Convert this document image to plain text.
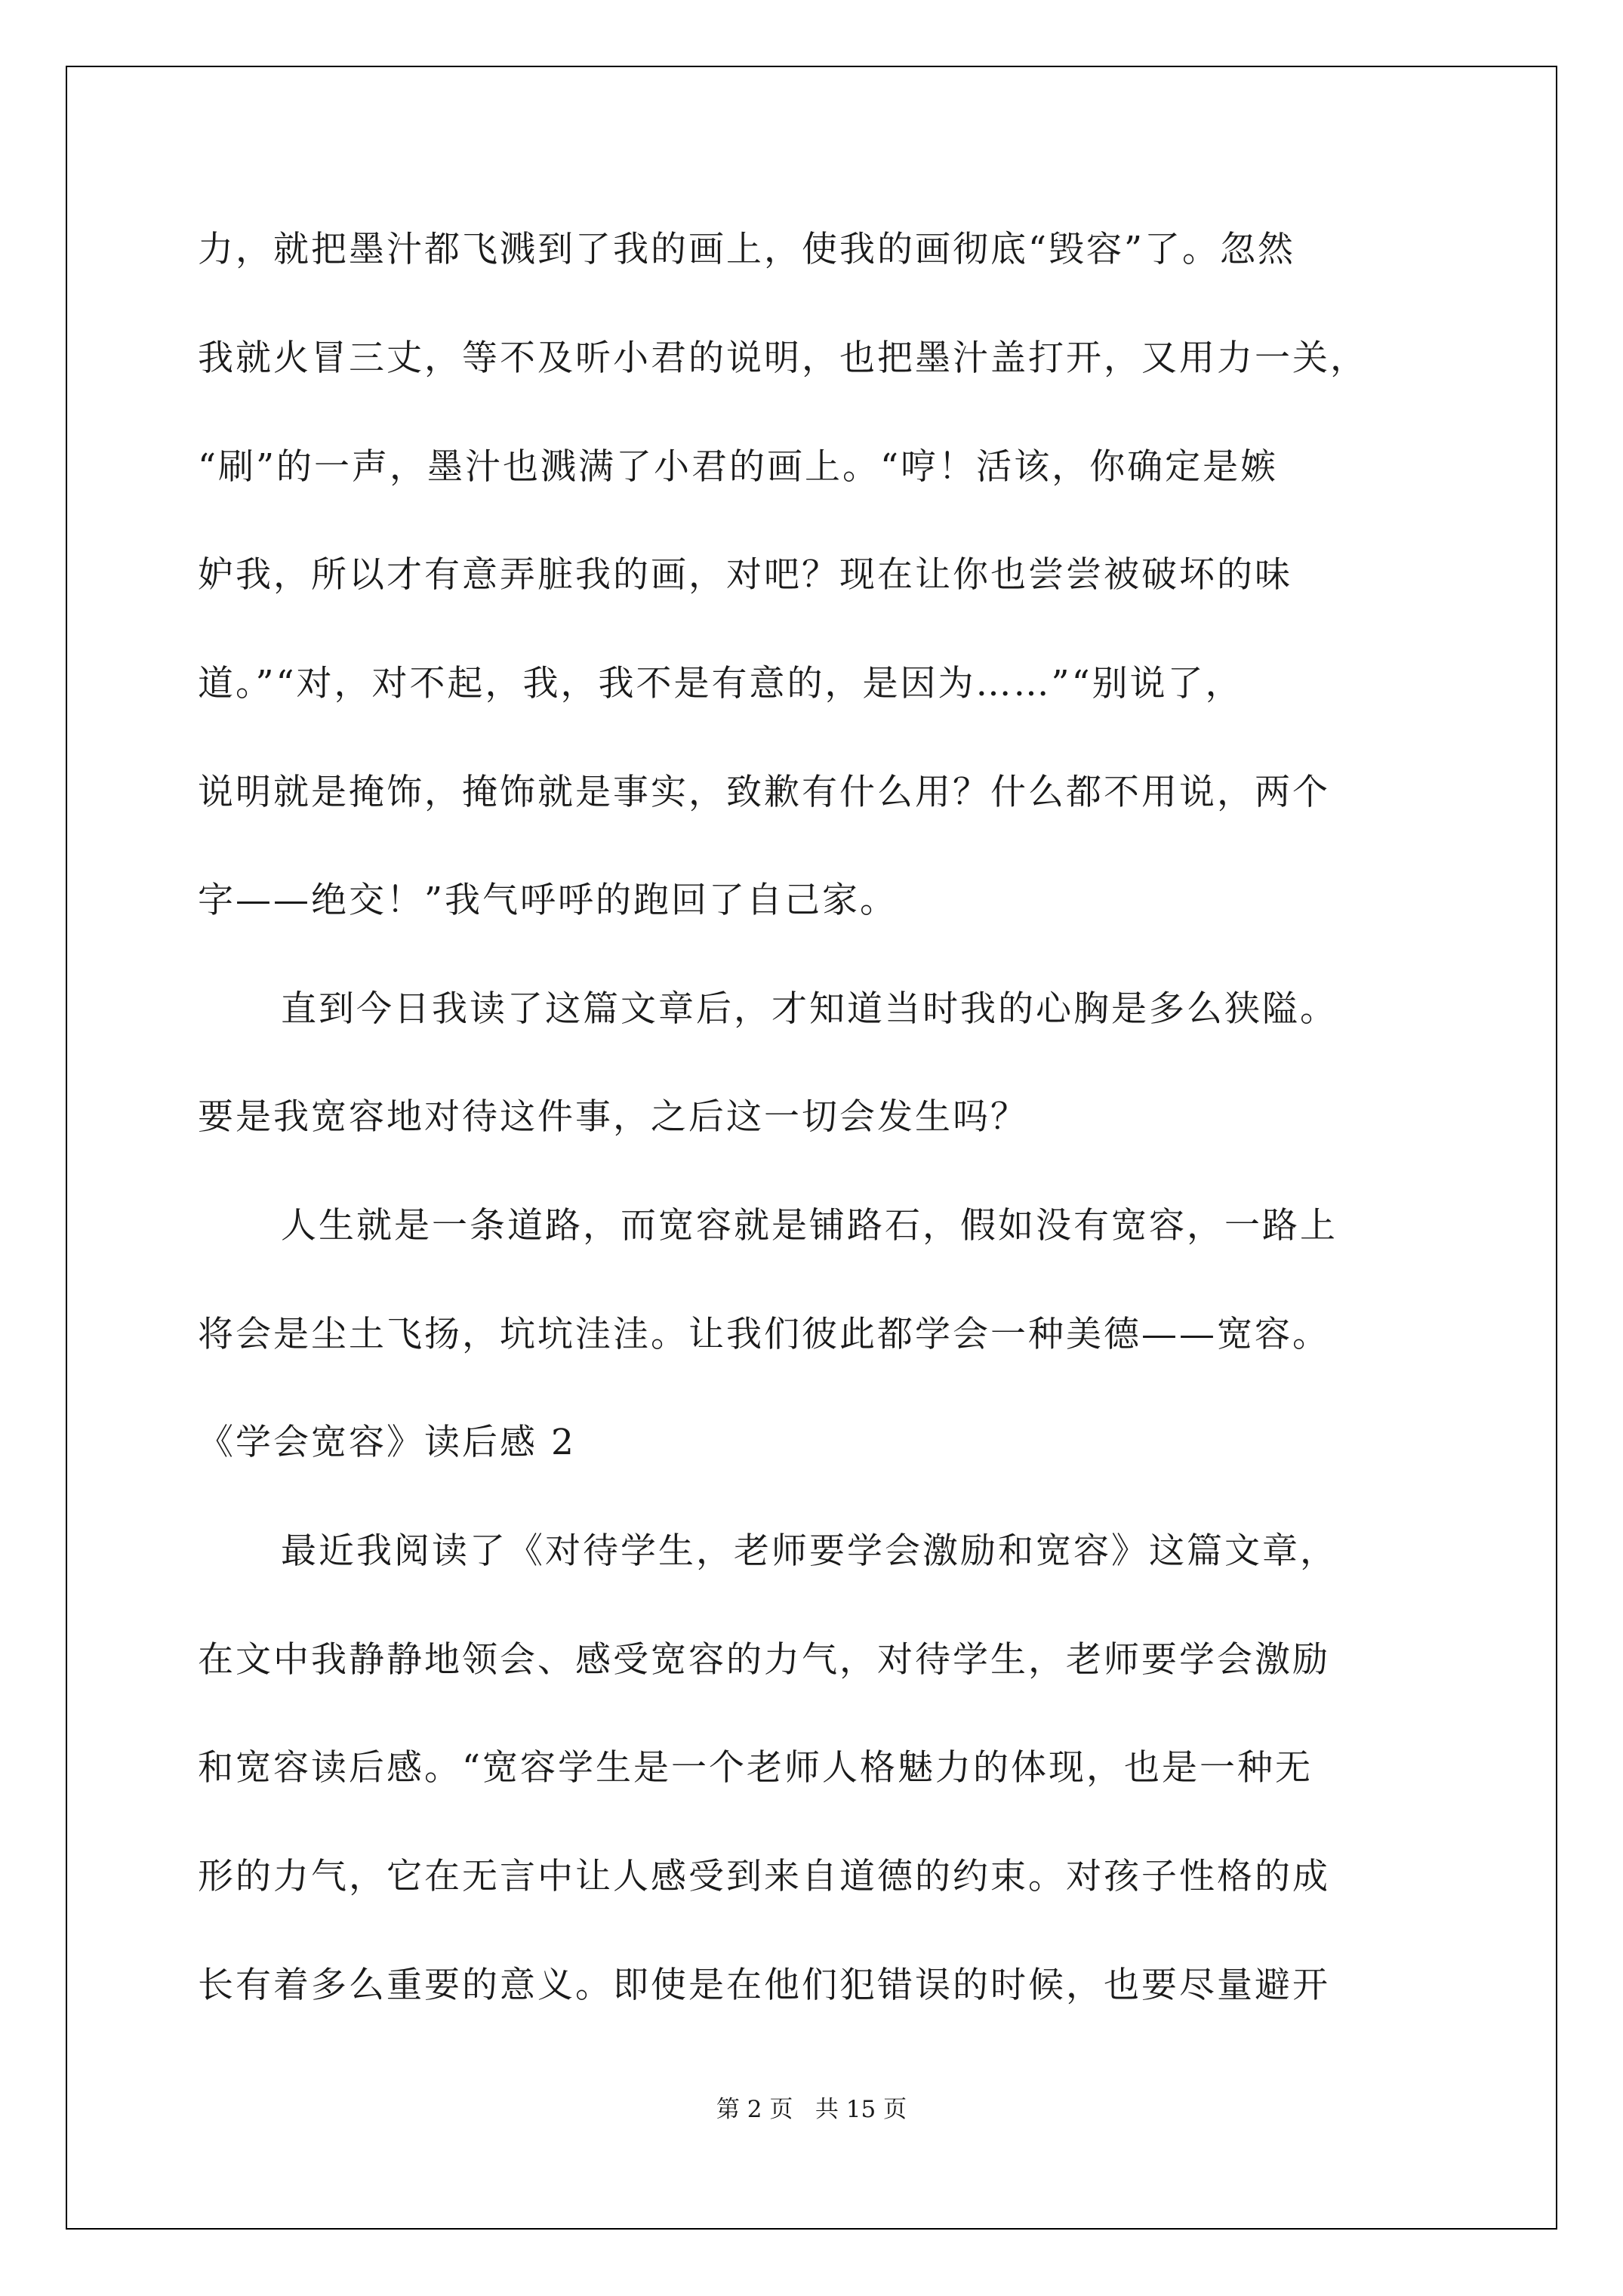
力，就把墨汁都飞溅到了我的画上，使我的画彻底“毁容”了。忽然
我就火冒三丈，等不及听小君的说明，也把墨汁盖打开，又用力一关，
“刷”的一声，墨汁也溅满了小君的画上。“哼！活该，你确定是嫉
妒我，所以才有意弄脏我的画，对吧？现在让你也尝尝被破坏的味
道。”“对，对不起，我，我不是有意的，是因为……”“别说了，
说明就是掩饰，掩饰就是事实，致歉有什么用？什么都不用说，两个
字——绝交！”我气呼呼的跑回了自己家。
直到今日我读了这篇文章后，才知道当时我的心胸是多么狭隘。
要是我宽容地对待这件事，之后这一切会发生吗？
人生就是一条道路，而宽容就是铺路石，假如没有宽容，一路上
将会是尘土飞扬，坑坑洼洼。让我们彼此都学会一种美德——宽容。
《学会宽容》读后感 2
最近我阅读了《对待学生，老师要学会激励和宽容》这篇文章，
在文中我静静地领会、感受宽容的力气，对待学生，老师要学会激励
和宽容读后感。“宽容学生是一个老师人格魅力的体现，也是一种无
形的力气，它在无言中让人感受到来自道德的约束。对孩子性格的成
长有着多么重要的意义。即使是在他们犯错误的时候，也要尽量避开
第 2 页   共 15 页
